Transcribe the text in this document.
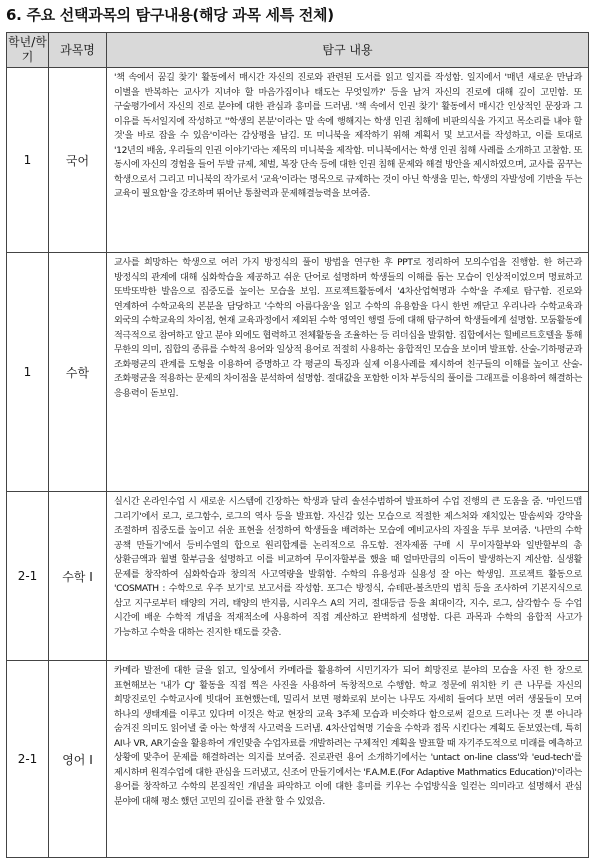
6. 주요 선택과목의 탐구내용(해당 과목 세특 전체)
학년/학기	과목명	탐구 내용
1	국어	'책 속에서 꿈길 찾기' 활동에서 매시간 자신의 진로와 관련된 도서를 읽고 일지를 작성함. 일지에서 '매년 새로운 만남과 이별을 반복하는 교사가 지녀야 할 마음가짐이나 태도는 무엇일까?' 등을 남겨 자신의 진로에 대해 깊이 고민함. 또 구술평가에서 자신의 진로 분야에 대한 관심과 흥미를 드러냄. '책 속에서 인권 찾기' 활동에서 매시간 인상적인 문장과 그 이유를 독서일지에 작성하고 ''학생의 본분'이라는 말 속에 행해지는 학생 인권 침해에 비판의식을 가지고 목소리를 내야 할 것'을 바로 잡을 수 있음'이라는 감상평을 남김. 또 미니북을 제작하기 위해 계획서 및 보고서를 작성하고, 이를 토대로 '12년의 배움, 우리들의 인권 이야기'라는 제목의 미니북을 제작함. 미니북에서는 학생 인권 침해 사례를 소개하고 고찰함. 또 동시에 자신의 경험을 들어 두발 규제, 체벌, 복장 단속 등에 대한 인권 침해 문제와 해결 방안을 제시하였으며, 교사를 꿈꾸는 학생으로서 그리고 미니북의 작가로서 '교육'이라는 명목으로 규제하는 것이 아닌 학생을 믿는, 학생의 자발성에 기반을 두는 교육이 필요함'을 강조하며 뛰어난 통찰력과 문제해결능력을 보여줌.

1	수학	교사를 희망하는 학생으로 여러 가지 방정식의 풀이 방법을 연구한 후 PPT로 정리하여 모의수업을 진행함. 한 허근과 방정식의 관계에 대해 심화학습을 제공하고 쉬운 단어로 설명하며 학생들의 이해를 돕는 모습이 인상적이었으며 명료하고 또박또박한 발음으로 집중도를 높이는 모습을 보임. 프로젝트활동에서 '4차산업혁명과 수학'을 주제로 탐구함. 진로와 연계하여 수학교육의 본분을 담당하고 '수학의 아름다움'을 읽고 수학의 유용함을 다시 한번 깨닫고 우리나라 수학교육과 외국의 수학교육의 차이점, 현재 교육과정에서 제외된 수학 영역인 행렬 등에 대해 탐구하여 학생들에게 설명함. 모둠활동에 적극적으로 참여하고 알고 분야 외에도 협력하고 전체활동을 조율하는 등 리더십을 발휘함. 집합에서는 힐베르트호텔을 통해 무한의 의미, 집합의 종류를 수학적 용어와 일상적 용어로 적절히 사용하는 융합적인 모습을 보이며 발표함. 산술-기하평균과 조화평균의 관계를 도형을 이용하여 증명하고 각 평균의 특징과 실제 이용사례를 제시하여 친구들의 이해를 높이고 산술-조화평균을 적용하는 문제의 차이점을 분석하여 설명함. 절대값을 포함한 이차 부등식의 풀이를 그래프를 이용하여 해결하는 응용력이 돋보임.

2-1	수학 I	실시간 온라인수업 시 새로운 시스템에 긴장하는 학생과 달리 솔선수범하여 발표하여 수업 진행의 큰 도움을 줌. '마인드맵 그리기'에서 로그, 로그함수, 로그의 역사 등을 발표함. 자신감 있는 모습으로 적절한 제스처와 재치있는 말솜씨와 강약을 조절하며 집중도를 높이고 쉬운 표현을 선정하여 학생들을 배려하는 모습에 예비교사의 자질을 두루 보여줌. '나만의 수학 공책 만들기'에서 등비수열의 합으로 원리합계를 논리적으로 유도함. 전자제품 구매 시 무이자할부와 일반할부의 총 상환금액과 월별 할부금을 설명하고 이를 비교하여 무이자할부를 했을 때 얼마만큼의 이득이 발생하는지 계산함. 실생활 문제를 창작하여 심화학습과 창의적 사고역량을 발휘함. 수학의 유용성과 실용성 잘 아는 학생임. 프로젝트 활동으로 'COSMATH : 수학으로 우주 보기'로 보고서를 작성함. 포그슨 방정식, 슈테판-볼츠만의 법칙 등을 조사하여 기본지식으로 삼고 지구로부터 태양의 거리, 태양의 반지름, 시리우스 A의 거리, 절대등급 등을 최대이각, 지수, 로그, 삼각함수 등 수업 시간에 배운 수학적 개념을 적재적소에 사용하여 직접 계산하고 완벽하게 설명함. 다른 과목과 수학의 융합적 사고가 가능하고 수학을 대하는 진지한 태도를 갖춤.

2-1	영어 I	카메라 발전에 대한 글을 읽고, 일상에서 카메라를 활용하여 시민기자가 되어 희망진로 분야의 모습을 사진 한 장으로 표현해보는 '내가 CJ' 활동을 직접 찍은 사진을 사용하여 독창적으로 수행함. 학교 정문에 위치한 키 큰 나무를 자신의 희망진로인 수학교사에 빗대어 표현했는데, 밀리서 보면 평화로워 보이는 나무도 자세히 들여다 보면 여러 생물들이 모여 하나의 생태계를 이루고 있다며 이것은 학교 현장의 교육 3주체 모습과 비슷하다 함으로써 겉으로 드러나는 것 뿐 아니라 숨겨진 의미도 읽어낼 줄 아는 학생적 사고력을 드러냄. 4차산업혁명 기술을 수학과 접목 시킨다는 계획도 돋보였는데, 특히 AI나 VR, AR기술을 활용하여 개인맞춤 수업자료를 개발하려는 구체적인 계획을 발표할 때 자기주도적으로 미래를 예측하고 상황에 맞추어 문제를 해결하려는 의지를 보여줌. 진로관련 용어 소개하기에서는 'untact on-line class'와 'eud-tech'를 제시하며 원격수업에 대한 관심을 드러냈고, 신조어 만들기에서는 'F.A.M.E.(For Adaptive Mathmatics Education)'이라는 용어를 창작하고 수학의 본질적인 개념을 파악하고 이에 대한 흥미를 키우는 수업방식을 일컫는 의미라고 설명해서 관심 분야에 대해 평소 했던 고민의 깊이를 관찰 할 수 있었음.
